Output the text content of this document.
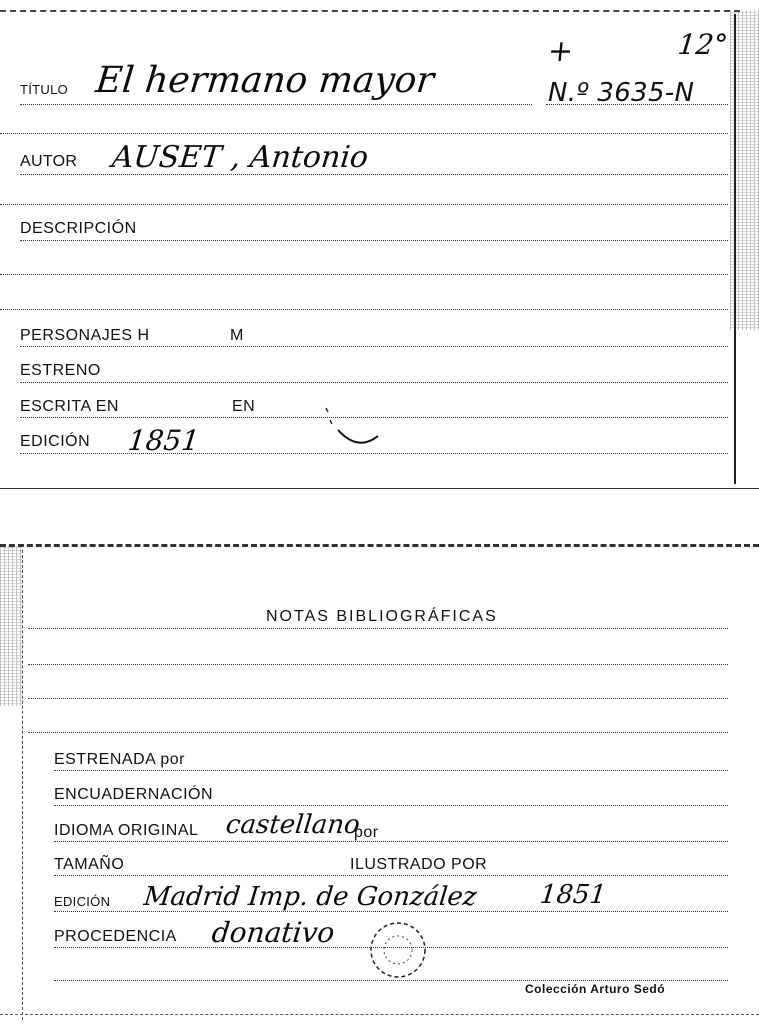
+	12°
TÍTULO El hermano mayor	N.º 3635-N
AUTOR AUSET , Antonio
DESCRIPCIÓN
PERSONAJES H	M
ESTRENO
ESCRITA EN	EN
EDICIÓN 1851
NOTAS BIBLIOGRÁFICAS
ESTRENADA por
ENCUADERNACIÓN
IDIOMA ORIGINAL castellano
por
TAMAÑO	ILUSTRADO POR
EDICIÓN Madrid Imp. de González 1851
PROCEDENCIA donativo
Colección Arturo Sedó
